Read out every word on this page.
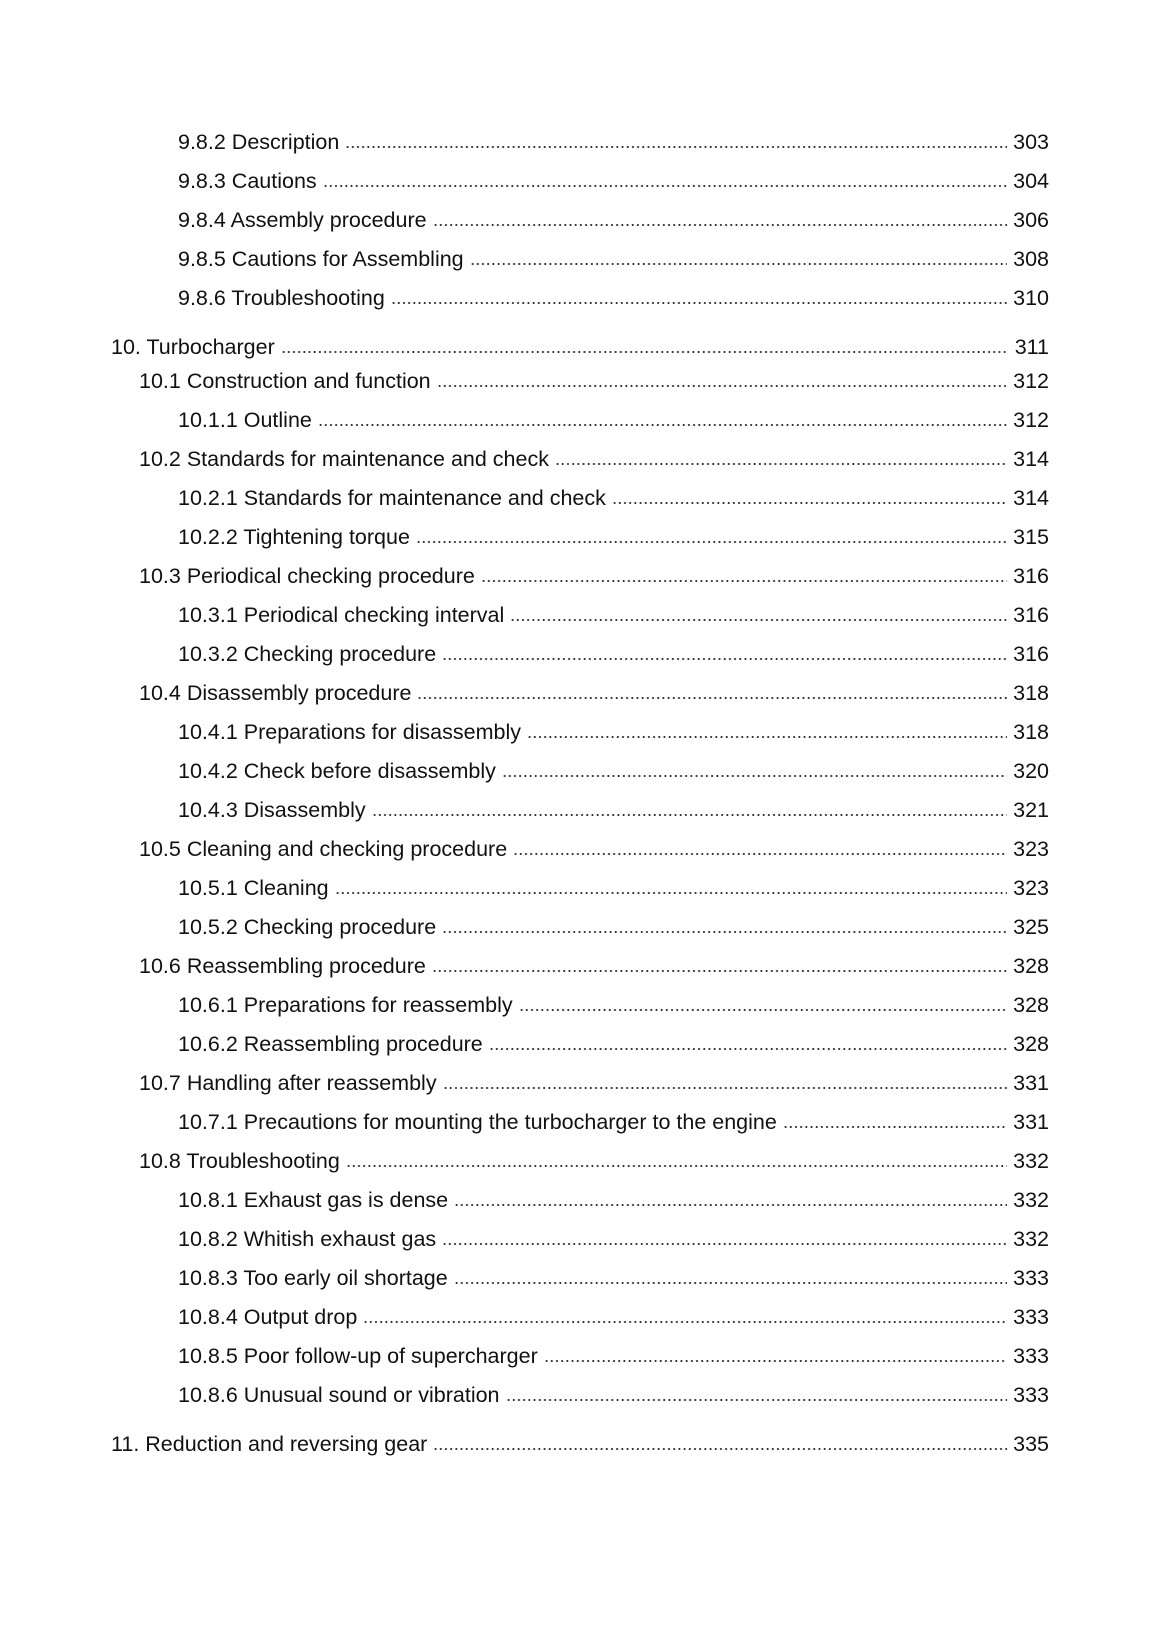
9.8.2 Description	303
9.8.3 Cautions	304
9.8.4 Assembly procedure	306
9.8.5 Cautions for Assembling	308
9.8.6 Troubleshooting	310
10. Turbocharger	311
10.1 Construction and function	312
10.1.1 Outline	312
10.2 Standards for maintenance and check	314
10.2.1 Standards for maintenance and check	314
10.2.2 Tightening torque	315
10.3 Periodical checking procedure	316
10.3.1 Periodical checking interval	316
10.3.2 Checking procedure	316
10.4 Disassembly procedure	318
10.4.1 Preparations for disassembly	318
10.4.2 Check before disassembly	320
10.4.3 Disassembly	321
10.5 Cleaning and checking procedure	323
10.5.1 Cleaning	323
10.5.2 Checking procedure	325
10.6 Reassembling procedure	328
10.6.1 Preparations for reassembly	328
10.6.2 Reassembling procedure	328
10.7 Handling after reassembly	331
10.7.1 Precautions for mounting the turbocharger to the engine	331
10.8 Troubleshooting	332
10.8.1 Exhaust gas is dense	332
10.8.2 Whitish exhaust gas	332
10.8.3 Too early oil shortage	333
10.8.4 Output drop	333
10.8.5 Poor follow-up of supercharger	333
10.8.6 Unusual sound or vibration	333
11. Reduction and reversing gear	335
